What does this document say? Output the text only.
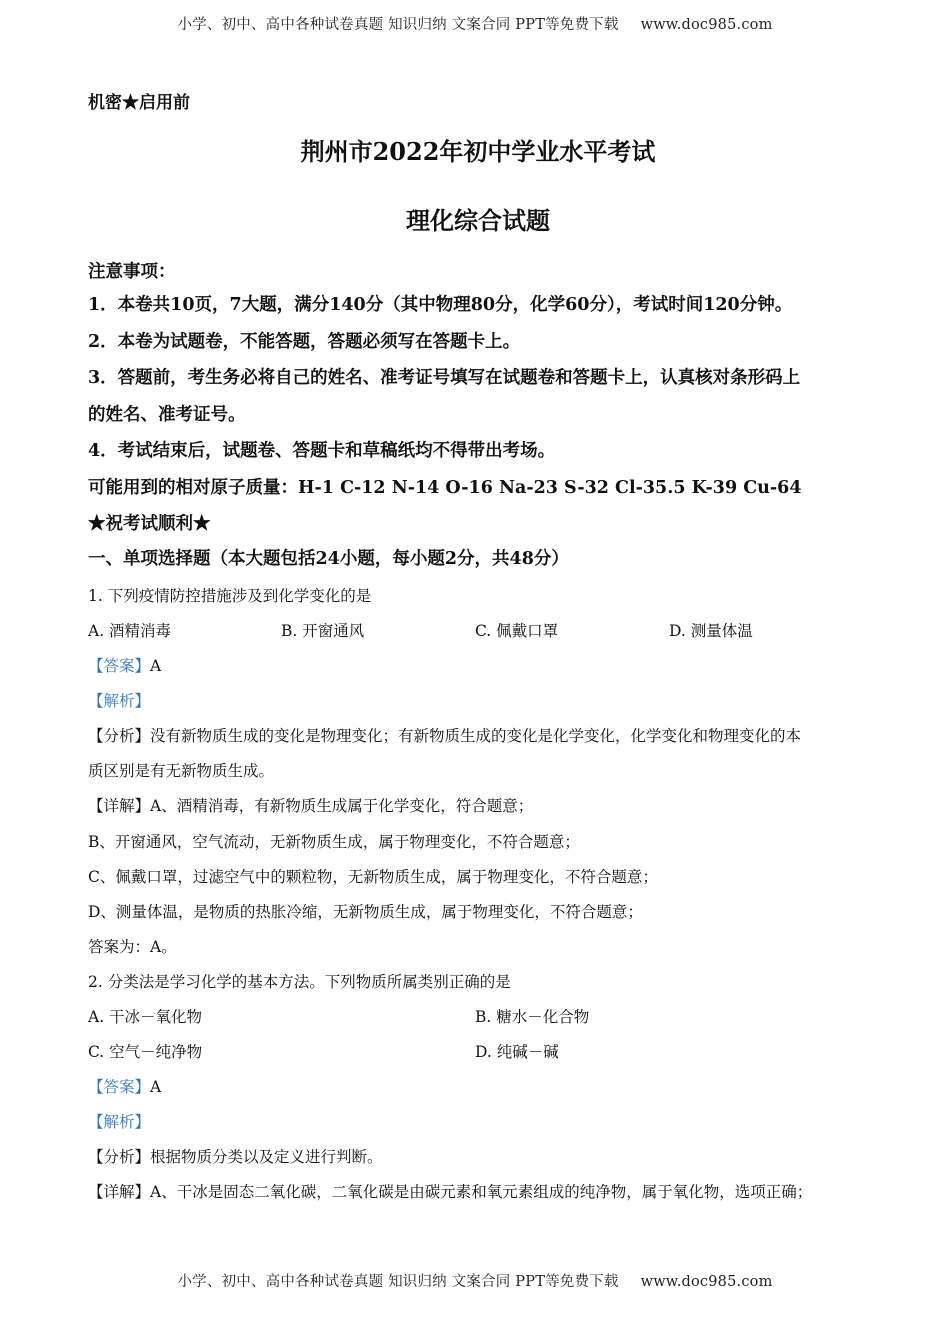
小学、初中、高中各种试卷真题 知识归纳 文案合同 PPT等免费下载 www.doc985.com
机密★启用前
荆州市2022年初中学业水平考试
理化综合试题
注意事项：
1．本卷共10页，7大题，满分140分（其中物理80分，化学60分），考试时间120分钟。
2．本卷为试题卷，不能答题，答题必须写在答题卡上。
3．答题前，考生务必将自己的姓名、准考证号填写在试题卷和答题卡上，认真核对条形码上
的姓名、准考证号。
4．考试结束后，试题卷、答题卡和草稿纸均不得带出考场。
可能用到的相对原子质量：H-1 C-12 N-14 O-16 Na-23 S-32 Cl-35.5 K-39 Cu-64
★祝考试顺利★
一、单项选择题（本大题包括24小题，每小题2分，共48分）
1. 下列疫情防控措施涉及到化学变化的是
A. 酒精消毒	B. 开窗通风	C. 佩戴口罩	D. 测量体温
【答案】A
【解析】
【分析】没有新物质生成的变化是物理变化；有新物质生成的变化是化学变化，化学变化和物理变化的本
质区别是有无新物质生成。
【详解】A、酒精消毒，有新物质生成属于化学变化，符合题意；
B、开窗通风，空气流动，无新物质生成，属于物理变化，不符合题意；
C、佩戴口罩，过滤空气中的颗粒物，无新物质生成，属于物理变化，不符合题意；
D、测量体温，是物质的热胀冷缩，无新物质生成，属于物理变化，不符合题意；
答案为：A。
2. 分类法是学习化学的基本方法。下列物质所属类别正确的是
A. 干冰－氧化物	B. 糖水－化合物
C. 空气－纯净物	D. 纯碱－碱
【答案】A
【解析】
【分析】根据物质分类以及定义进行判断。
【详解】A、干冰是固态二氧化碳，二氧化碳是由碳元素和氧元素组成的纯净物，属于氧化物，选项正确；
小学、初中、高中各种试卷真题 知识归纳 文案合同 PPT等免费下载 www.doc985.com
